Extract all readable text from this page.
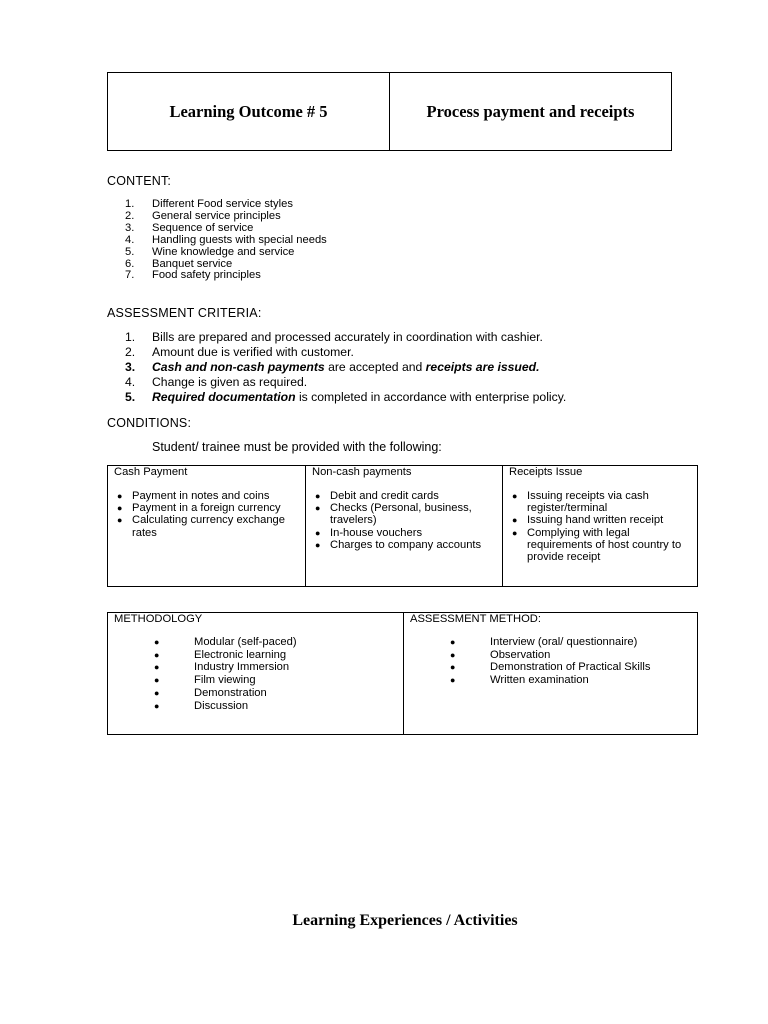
Learning Outcome # 5	Process payment and receipts
CONTENT:
1.	Different Food service styles
2.	General service principles
3.	Sequence of service
4.	Handling guests with special needs
5.	Wine knowledge and service
6.	Banquet service
7.	Food safety principles
ASSESSMENT CRITERIA:
1.	Bills are prepared and processed accurately in coordination with cashier.
2.	Amount due is verified with customer.
3.	Cash and non-cash payments are accepted and receipts are issued.
4.	Change is given as required.
5.	Required documentation is completed in accordance with enterprise policy.
CONDITIONS:
Student/ trainee must be provided with the following:
Cash Payment
● Payment in notes and coins
● Payment in a foreign currency
● Calculating currency exchange rates
Non-cash payments
● Debit and credit cards
● Checks (Personal, business, travelers)
● In-house vouchers
● Charges to company accounts
Receipts Issue
● Issuing receipts via cash register/terminal
● Issuing hand written receipt
● Complying with legal requirements of host country to provide receipt
METHODOLOGY
●	Modular (self-paced)
●	Electronic learning
●	Industry Immersion
●	Film viewing
●	Demonstration
●	Discussion
ASSESSMENT METHOD:
●	Interview (oral/ questionnaire)
●	Observation
●	Demonstration of Practical Skills
●	Written examination
Learning Experiences / Activities
